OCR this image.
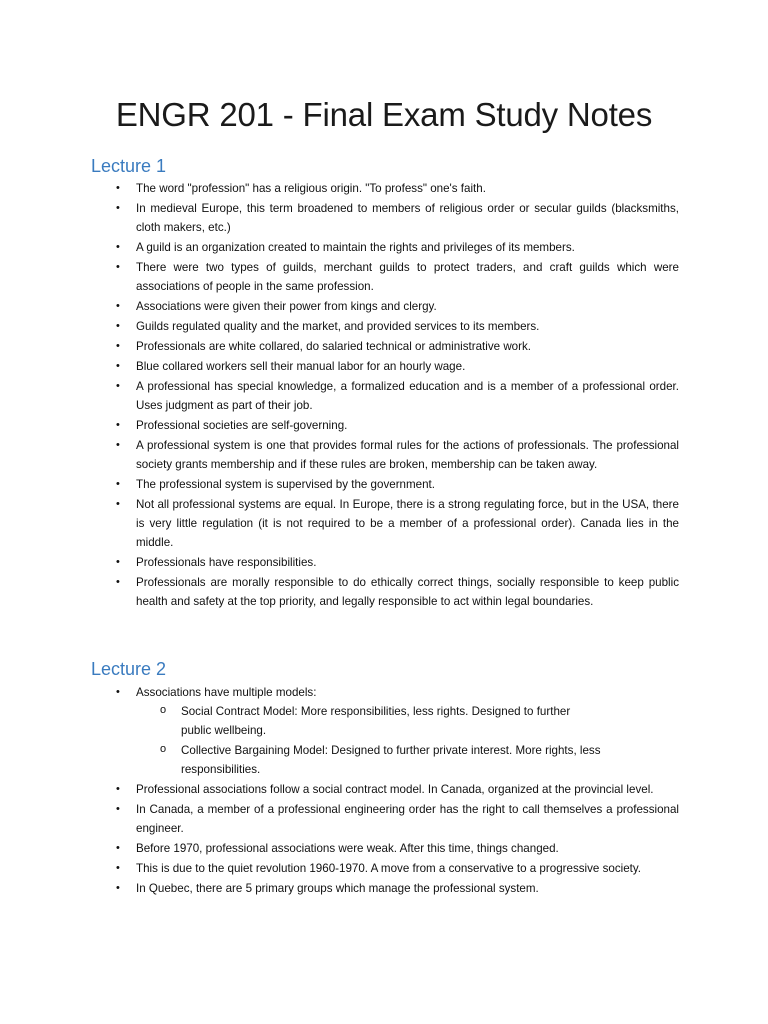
ENGR 201 - Final Exam Study Notes
Lecture 1
• The word "profession" has a religious origin. "To profess" one's faith.
• In medieval Europe, this term broadened to members of religious order or secular guilds (blacksmiths, cloth makers, etc.)
• A guild is an organization created to maintain the rights and privileges of its members.
• There were two types of guilds, merchant guilds to protect traders, and craft guilds which were associations of people in the same profession.
• Associations were given their power from kings and clergy.
• Guilds regulated quality and the market, and provided services to its members.
• Professionals are white collared, do salaried technical or administrative work.
• Blue collared workers sell their manual labor for an hourly wage.
• A professional has special knowledge, a formalized education and is a member of a professional order. Uses judgment as part of their job.
• Professional societies are self-governing.
• A professional system is one that provides formal rules for the actions of professionals. The professional society grants membership and if these rules are broken, membership can be taken away.
• The professional system is supervised by the government.
• Not all professional systems are equal. In Europe, there is a strong regulating force, but in the USA, there is very little regulation (it is not required to be a member of a professional order). Canada lies in the middle.
• Professionals have responsibilities.
• Professionals are morally responsible to do ethically correct things, socially responsible to keep public health and safety at the top priority, and legally responsible to act within legal boundaries.
Lecture 2
• Associations have multiple models:
o Social Contract Model: More responsibilities, less rights. Designed to further public wellbeing.
o Collective Bargaining Model: Designed to further private interest. More rights, less responsibilities.
• Professional associations follow a social contract model. In Canada, organized at the provincial level.
• In Canada, a member of a professional engineering order has the right to call themselves a professional engineer.
• Before 1970, professional associations were weak. After this time, things changed.
• This is due to the quiet revolution 1960-1970. A move from a conservative to a progressive society.
• In Quebec, there are 5 primary groups which manage the professional system.
